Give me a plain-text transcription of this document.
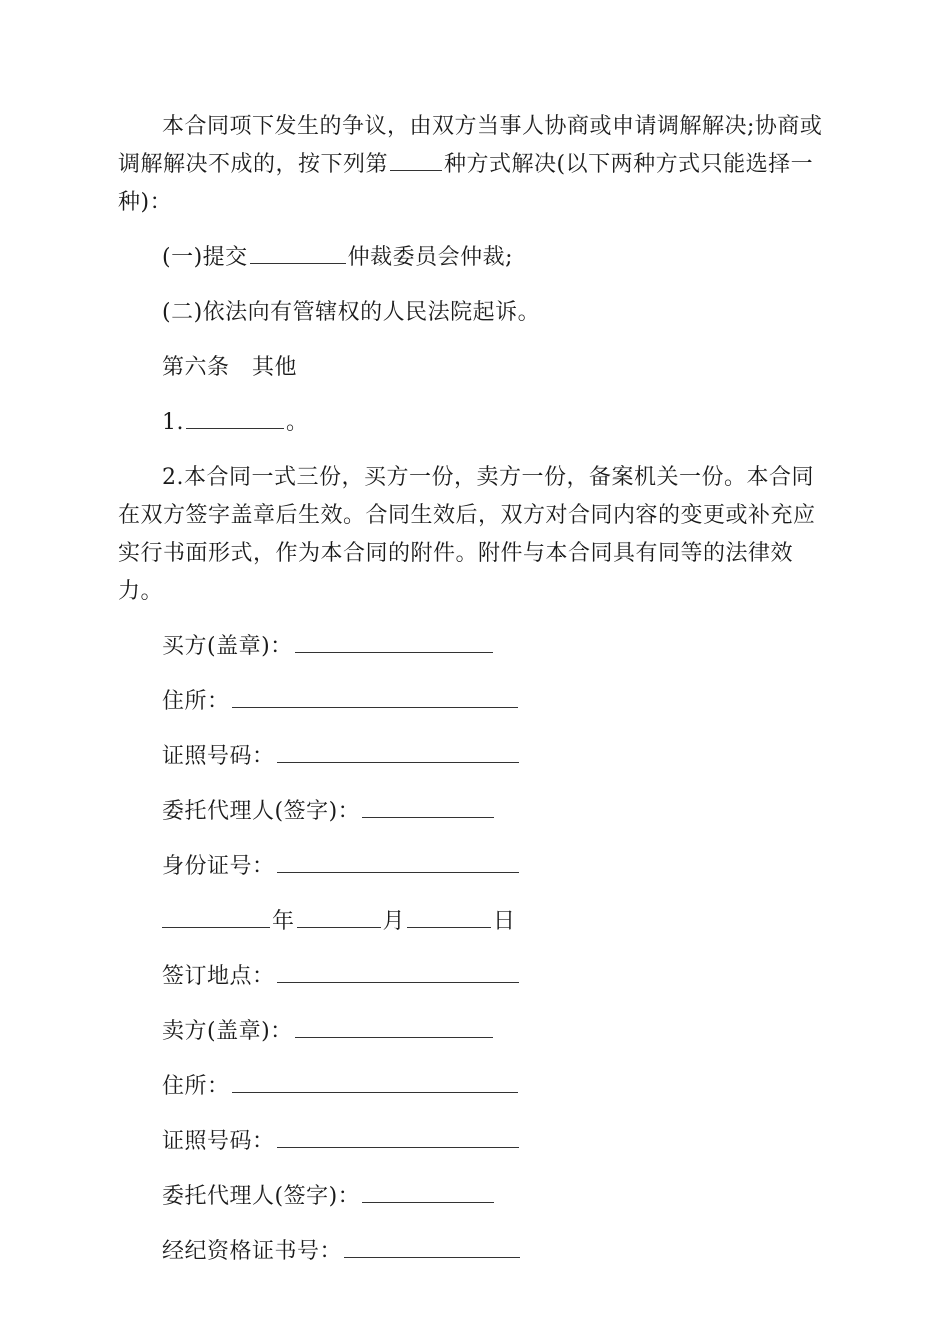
本合同项下发生的争议，由双方当事人协商或申请调解解决;协商或调解解决不成的，按下列第	种方式解决(以下两种方式只能选择一种)：

(一)提交	仲裁委员会仲裁;

(二)依法向有管辖权的人民法院起诉。

第六条　其他

1.	。

2.本合同一式三份，买方一份，卖方一份，备案机关一份。本合同在双方签字盖章后生效。合同生效后，双方对合同内容的变更或补充应实行书面形式，作为本合同的附件。附件与本合同具有同等的法律效力。

买方(盖章)：

住所：

证照号码：

委托代理人(签字)：

身份证号：

年	月	日

签订地点：

卖方(盖章)：

住所：

证照号码：

委托代理人(签字)：

经纪资格证书号：
